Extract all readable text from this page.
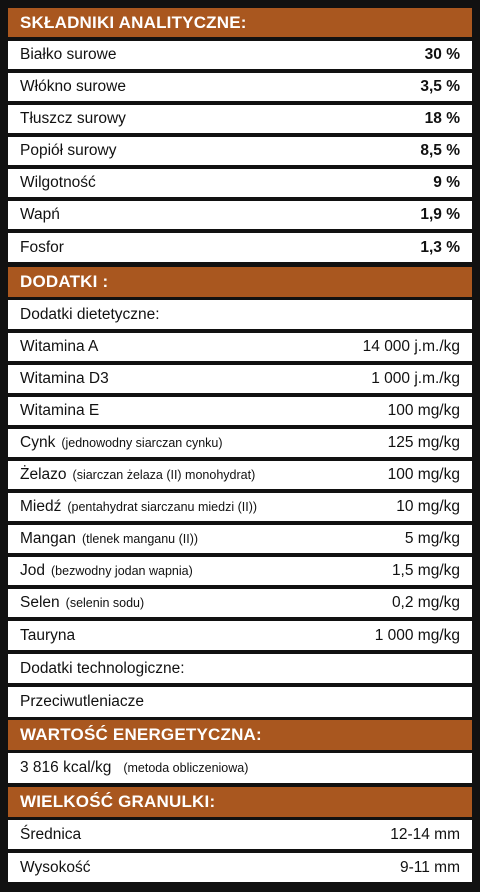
SKŁADNIKI ANALITYCZNE:
Białko surowe	30 %
Włókno surowe	3,5 %
Tłuszcz surowy	18 %
Popiół surowy	8,5 %
Wilgotność	9 %
Wapń	1,9 %
Fosfor	1,3 %
DODATKI :
Dodatki dietetyczne:
Witamina A	14 000 j.m./kg
Witamina D3	1 000 j.m./kg
Witamina E	100 mg/kg
Cynk (jednowodny siarczan cynku)	125 mg/kg
Żelazo (siarczan żelaza (II) monohydrat)	100 mg/kg
Miedź (pentahydrat siarczanu miedzi (II))	10 mg/kg
Mangan (tlenek manganu (II))	5 mg/kg
Jod (bezwodny jodan wapnia)	1,5 mg/kg
Selen (selenin sodu)	0,2 mg/kg
Tauryna	1 000 mg/kg
Dodatki technologiczne:
Przeciwutleniacze
WARTOŚĆ ENERGETYCZNA:
3 816 kcal/kg (metoda obliczeniowa)
WIELKOŚĆ GRANULKI:
Średnica	12-14 mm
Wysokość	9-11 mm
